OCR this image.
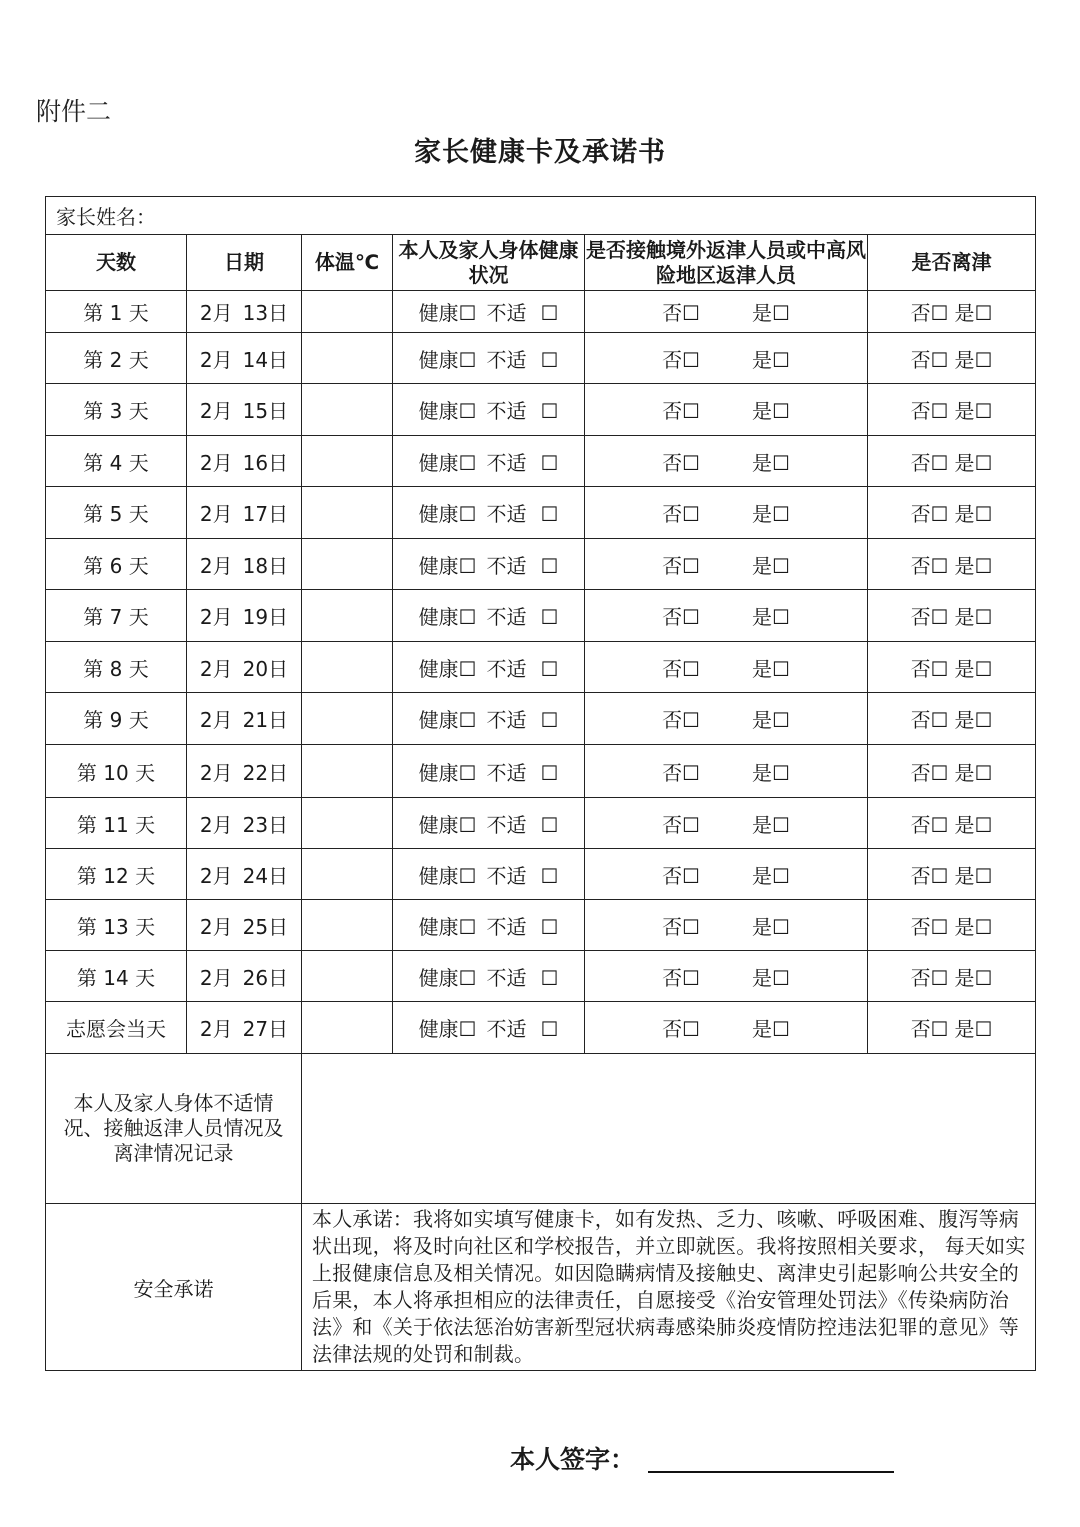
附件二
家长健康卡及承诺书
家长姓名：					
天数	日期	体温℃	本人及家人身体健康状况	是否接触境外返津人员或中高风险地区返津人员	是否离津
第 1 天	2月 13日		健康☐ 不适 ☐	否☐ 是☐	否☐ 是☐
第 2 天	2月 14日		健康☐ 不适 ☐	否☐ 是☐	否☐ 是☐
第 3 天	2月 15日		健康☐ 不适 ☐	否☐ 是☐	否☐ 是☐
第 4 天	2月 16日		健康☐ 不适 ☐	否☐ 是☐	否☐ 是☐
第 5 天	2月 17日		健康☐ 不适 ☐	否☐ 是☐	否☐ 是☐
第 6 天	2月 18日		健康☐ 不适 ☐	否☐ 是☐	否☐ 是☐
第 7 天	2月 19日		健康☐ 不适 ☐	否☐ 是☐	否☐ 是☐
第 8 天	2月 20日		健康☐ 不适 ☐	否☐ 是☐	否☐ 是☐
第 9 天	2月 21日		健康☐ 不适 ☐	否☐ 是☐	否☐ 是☐
第 10 天	2月 22日		健康☐ 不适 ☐	否☐ 是☐	否☐ 是☐
第 11 天	2月 23日		健康☐ 不适 ☐	否☐ 是☐	否☐ 是☐
第 12 天	2月 24日		健康☐ 不适 ☐	否☐ 是☐	否☐ 是☐
第 13 天	2月 25日		健康☐ 不适 ☐	否☐ 是☐	否☐ 是☐
第 14 天	2月 26日		健康☐ 不适 ☐	否☐ 是☐	否☐ 是☐
志愿会当天	2月 27日		健康☐ 不适 ☐	否☐ 是☐	否☐ 是☐
本人及家人身体不适情况、接触返津人员情况及离津情况记录					
安全承诺		本人承诺：我将如实填写健康卡，如有发热、乏力、咳嗽、呼吸困难、腹泻等病状出现，将及时向社区和学校报告，并立即就医。我将按照相关要求， 每天如实上报健康信息及相关情况。如因隐瞒病情及接触史、离津史引起影响公共安全的后果，本人将承担相应的法律责任，自愿接受《治安管理处罚法》《传染病防治法》和《关于依法惩治妨害新型冠状病毒感染肺炎疫情防控违法犯罪的意见》等法律法规的处罚和制裁。			
本人签字：
